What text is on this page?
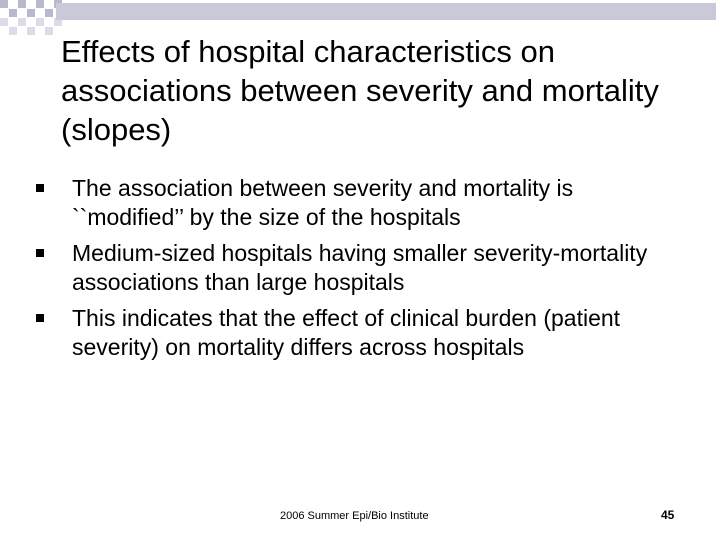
Effects of hospital characteristics on associations between severity and mortality (slopes)
The association between severity and mortality is ``modified’’ by the size of the hospitals
Medium-sized hospitals having smaller severity-mortality associations than large hospitals
This indicates that the effect of clinical burden (patient severity) on mortality differs across hospitals
2006 Summer Epi/Bio Institute	45
